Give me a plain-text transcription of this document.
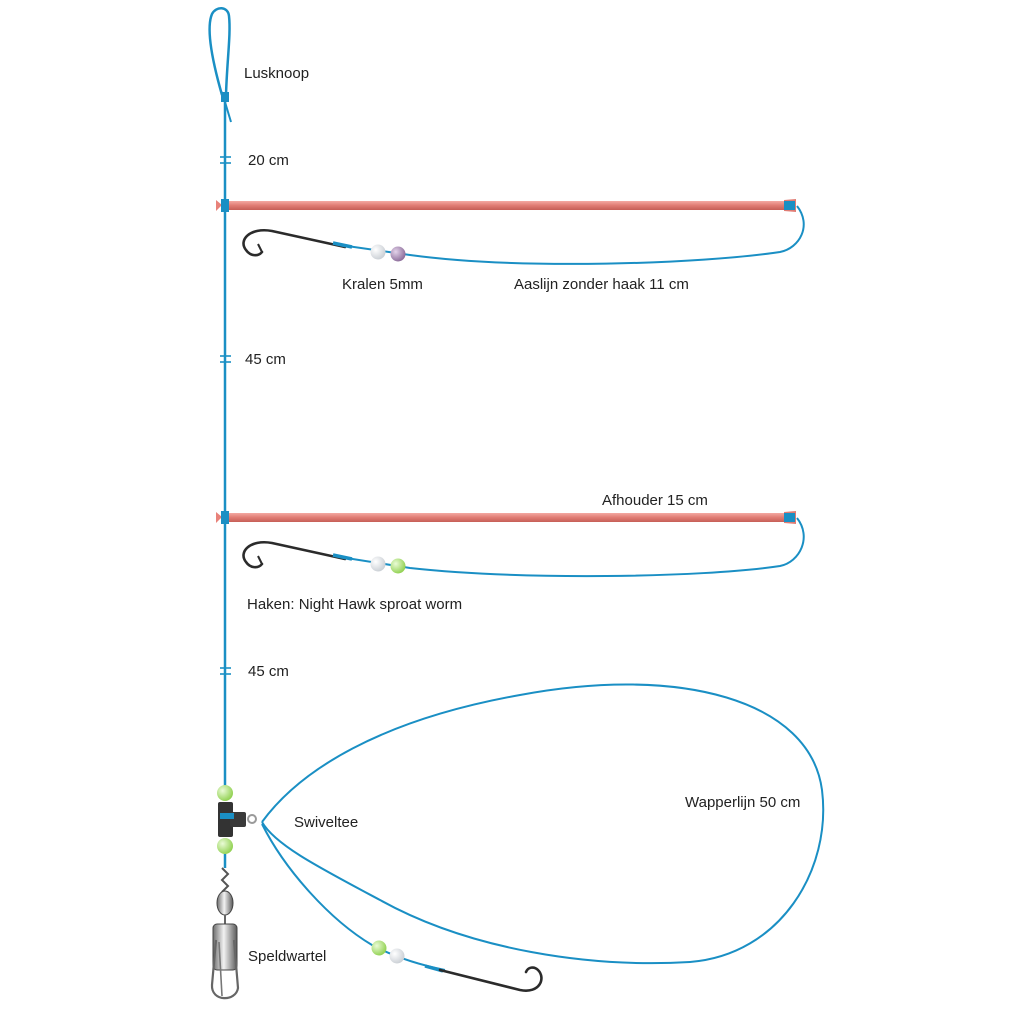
Lusknoop
20 cm
Kralen 5mm	Aaslijn zonder haak 11 cm
45 cm
Afhouder 15 cm
Haken: Night Hawk sproat worm
45 cm
Wapperlijn 50 cm
Swiveltee
Speldwartel
